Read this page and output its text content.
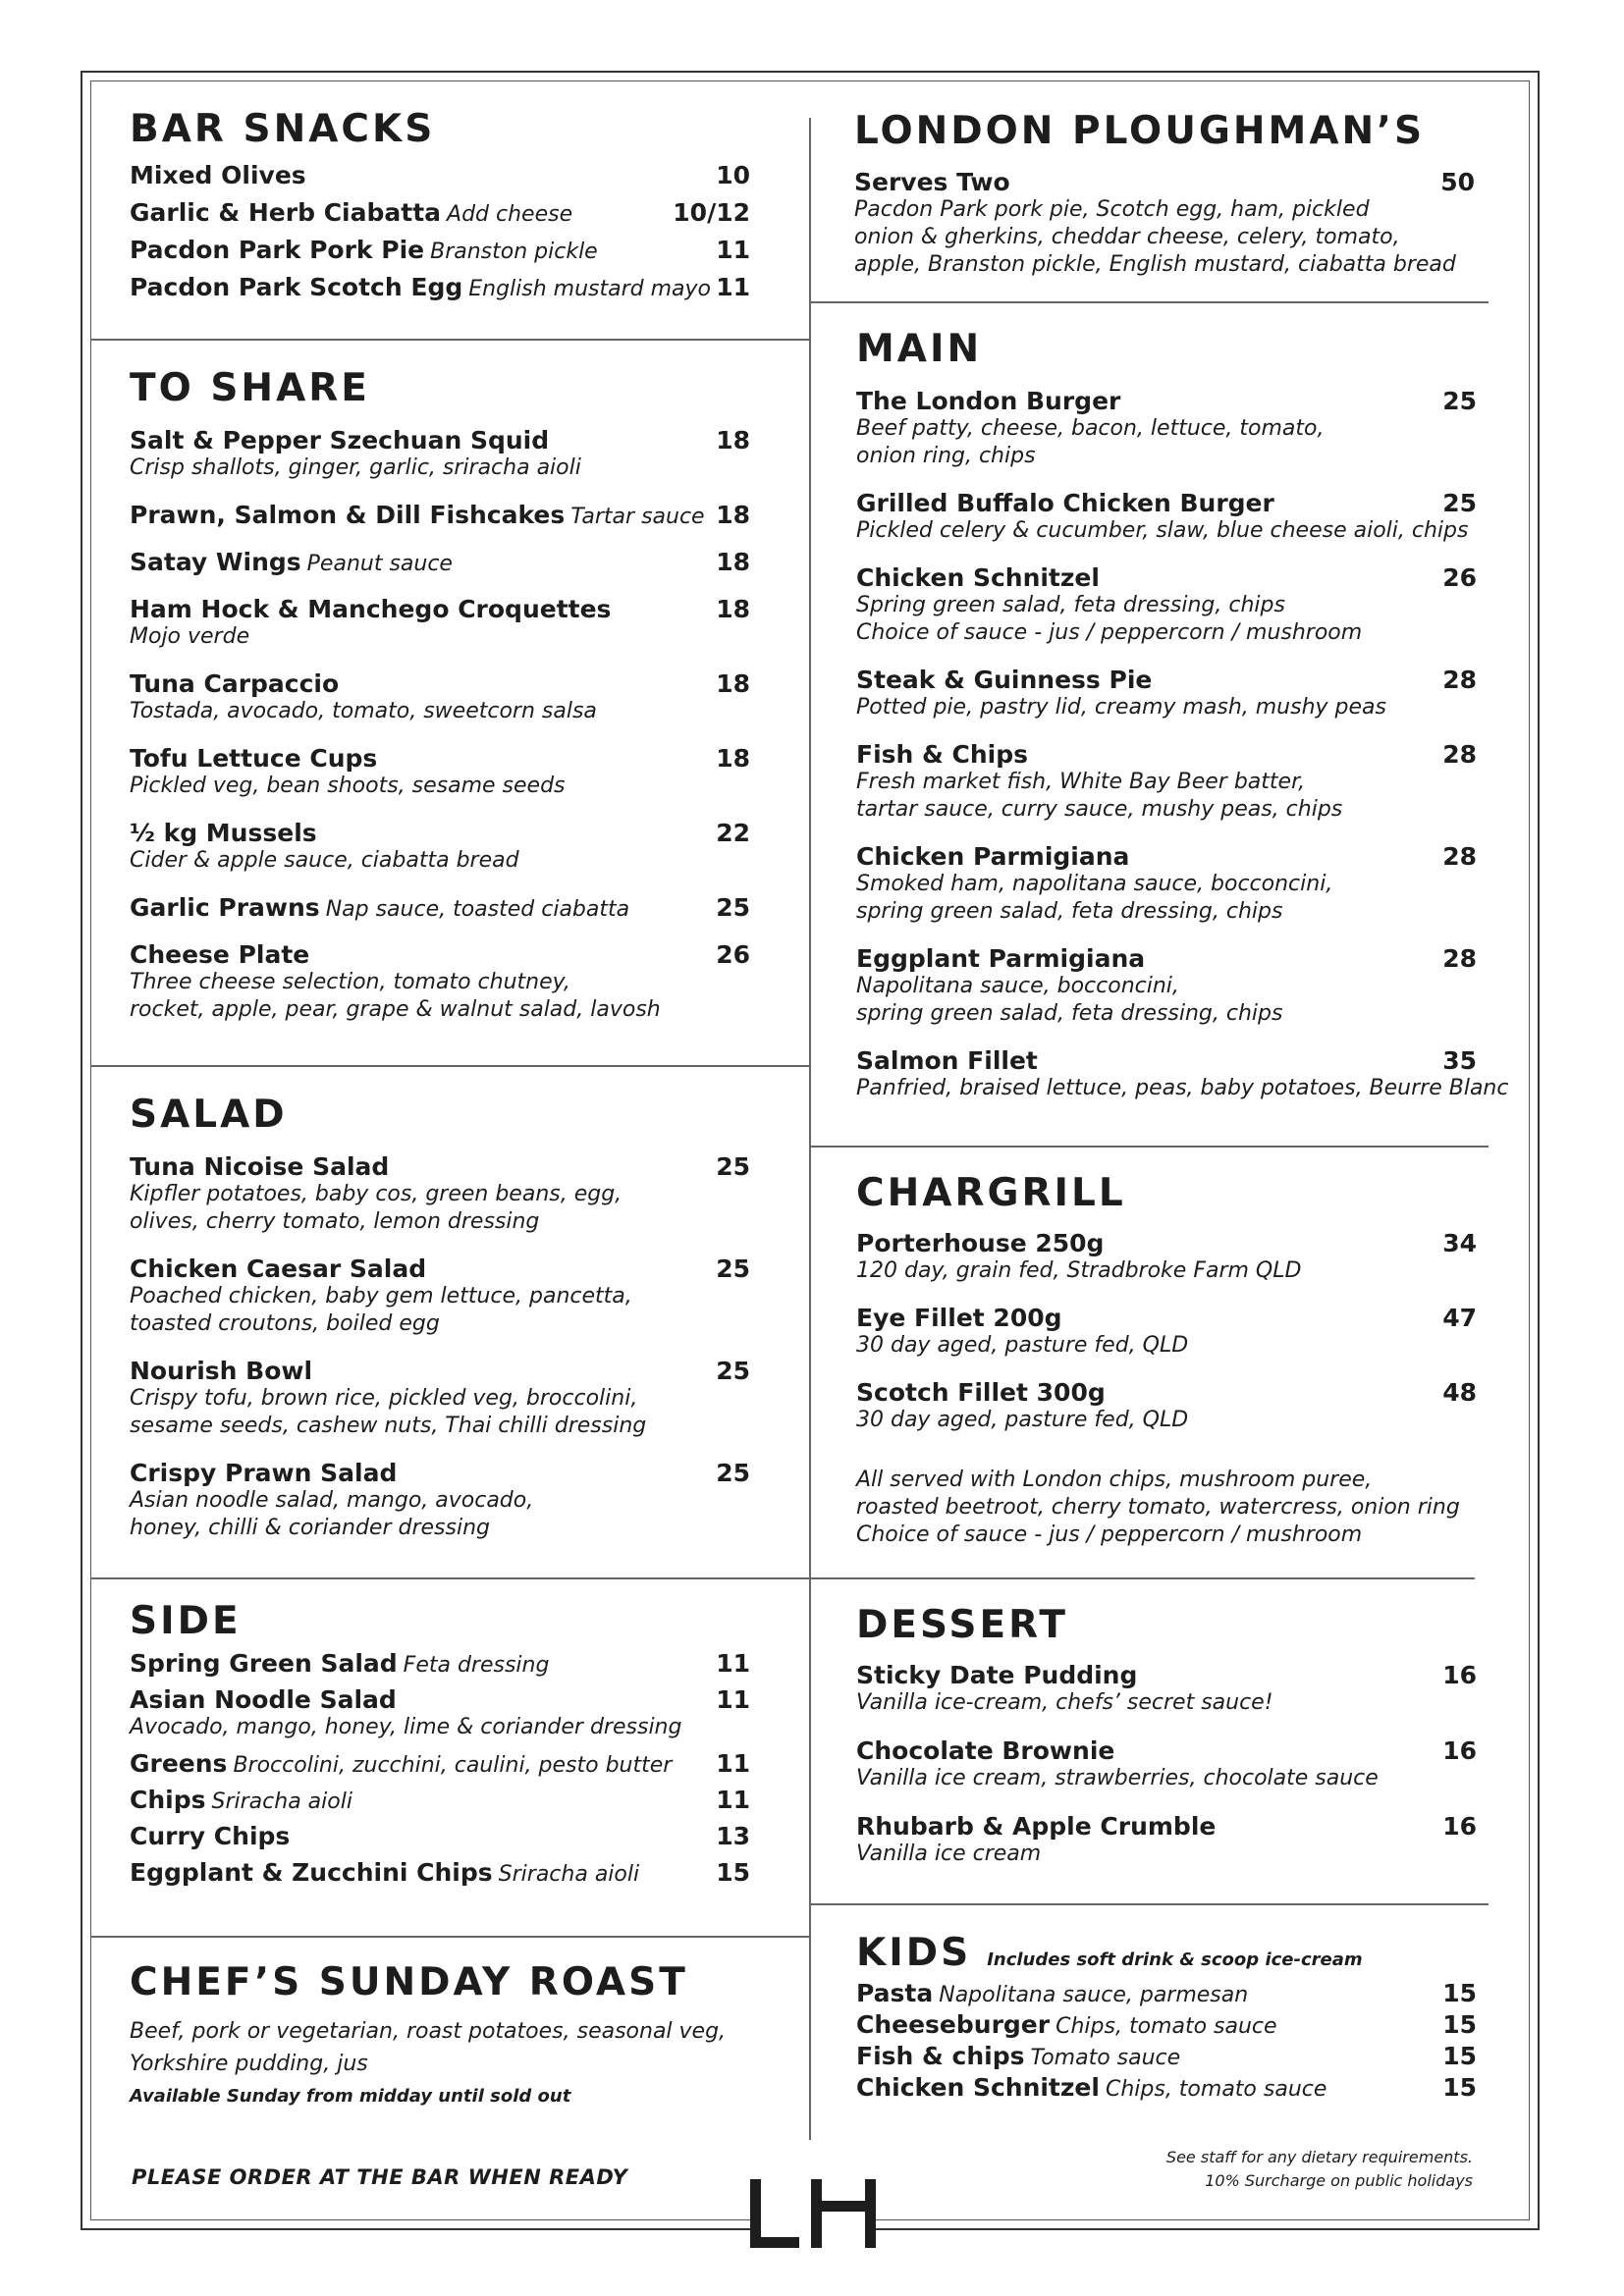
BAR SNACKS
Mixed Olives	10
Garlic & Herb Ciabatta Add cheese	10/12
Pacdon Park Pork Pie Branston pickle	11
Pacdon Park Scotch Egg English mustard mayo 11
TO SHARE
Salt & Pepper Szechuan Squid	18
Crisp shallots, ginger, garlic, sriracha aioli
Prawn, Salmon & Dill Fishcakes Tartar sauce 18
Satay Wings Peanut sauce	18
Ham Hock & Manchego Croquettes	18
Mojo verde
Tuna Carpaccio	18
Tostada, avocado, tomato, sweetcorn salsa
Tofu Lettuce Cups	18
Pickled veg, bean shoots, sesame seeds
½ kg Mussels	22
Cider & apple sauce, ciabatta bread
Garlic Prawns Nap sauce, toasted ciabatta	25
Cheese Plate	26
Three cheese selection, tomato chutney,
rocket, apple, pear, grape & walnut salad, lavosh
SALAD
Tuna Nicoise Salad	25
Kipfler potatoes, baby cos, green beans, egg,
olives, cherry tomato, lemon dressing
Chicken Caesar Salad	25
Poached chicken, baby gem lettuce, pancetta,
toasted croutons, boiled egg
Nourish Bowl	25
Crispy tofu, brown rice, pickled veg, broccolini,
sesame seeds, cashew nuts, Thai chilli dressing
Crispy Prawn Salad	25
Asian noodle salad, mango, avocado,
honey, chilli & coriander dressing
SIDE
Spring Green Salad Feta dressing	11
Asian Noodle Salad	11
Avocado, mango, honey, lime & coriander dressing
Greens Broccolini, zucchini, caulini, pesto butter 11
Chips Sriracha aioli	11
Curry Chips	13
Eggplant & Zucchini Chips Sriracha aioli	15
CHEF’S SUNDAY ROAST
Beef, pork or vegetarian, roast potatoes, seasonal veg,
Yorkshire pudding, jus
Available Sunday from midday until sold out
LONDON PLOUGHMAN’S
Serves Two	50
Pacdon Park pork pie, Scotch egg, ham, pickled
onion & gherkins, cheddar cheese, celery, tomato,
apple, Branston pickle, English mustard, ciabatta bread
MAIN
The London Burger	25
Beef patty, cheese, bacon, lettuce, tomato,
onion ring, chips
Grilled Buffalo Chicken Burger	25
Pickled celery & cucumber, slaw, blue cheese aioli, chips
Chicken Schnitzel	26
Spring green salad, feta dressing, chips
Choice of sauce - jus / peppercorn / mushroom
Steak & Guinness Pie	28
Potted pie, pastry lid, creamy mash, mushy peas
Fish & Chips	28
Fresh market fish, White Bay Beer batter,
tartar sauce, curry sauce, mushy peas, chips
Chicken Parmigiana	28
Smoked ham, napolitana sauce, bocconcini,
spring green salad, feta dressing, chips
Eggplant Parmigiana	28
Napolitana sauce, bocconcini,
spring green salad, feta dressing, chips
Salmon Fillet	35
Panfried, braised lettuce, peas, baby potatoes, Beurre Blanc
CHARGRILL
Porterhouse 250g	34
120 day, grain fed, Stradbroke Farm QLD
Eye Fillet 200g	47
30 day aged, pasture fed, QLD
Scotch Fillet 300g	48
30 day aged, pasture fed, QLD
All served with London chips, mushroom puree,
roasted beetroot, cherry tomato, watercress, onion ring
Choice of sauce - jus / peppercorn / mushroom
DESSERT
Sticky Date Pudding	16
Vanilla ice-cream, chefs’ secret sauce!
Chocolate Brownie	16
Vanilla ice cream, strawberries, chocolate sauce
Rhubarb & Apple Crumble	16
Vanilla ice cream
KIDS Includes soft drink & scoop ice-cream
Pasta Napolitana sauce, parmesan	15
Cheeseburger Chips, tomato sauce	15
Fish & chips Tomato sauce	15
Chicken Schnitzel Chips, tomato sauce	15
PLEASE ORDER AT THE BAR WHEN READY
See staff for any dietary requirements.
10% Surcharge on public holidays
